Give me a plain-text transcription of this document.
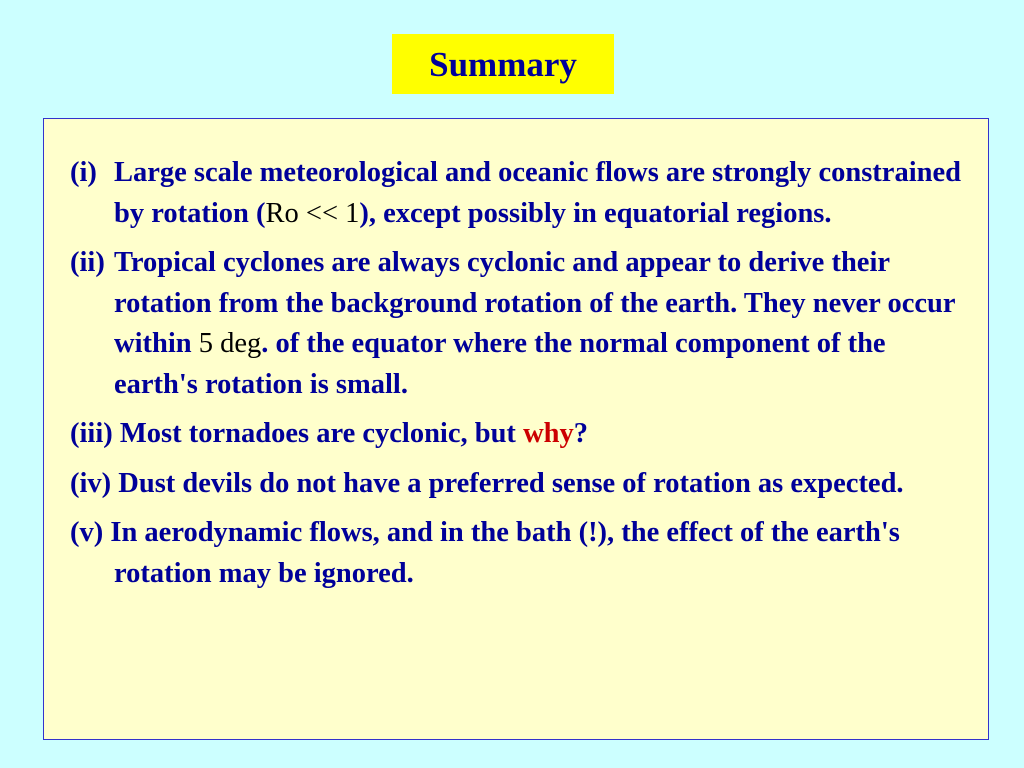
Summary
(i) Large scale meteorological and oceanic flows are strongly constrained by rotation (Ro << 1), except possibly in equatorial regions.
(ii) Tropical cyclones are always cyclonic and appear to derive their rotation from the background rotation of the earth. They never occur within 5 deg. of the equator where the normal component of the earth's rotation is small.
(iii) Most tornadoes are cyclonic, but why?
(iv) Dust devils do not have a preferred sense of rotation as expected.
(v) In aerodynamic flows, and in the bath (!), the effect of the earth's rotation may be ignored.
